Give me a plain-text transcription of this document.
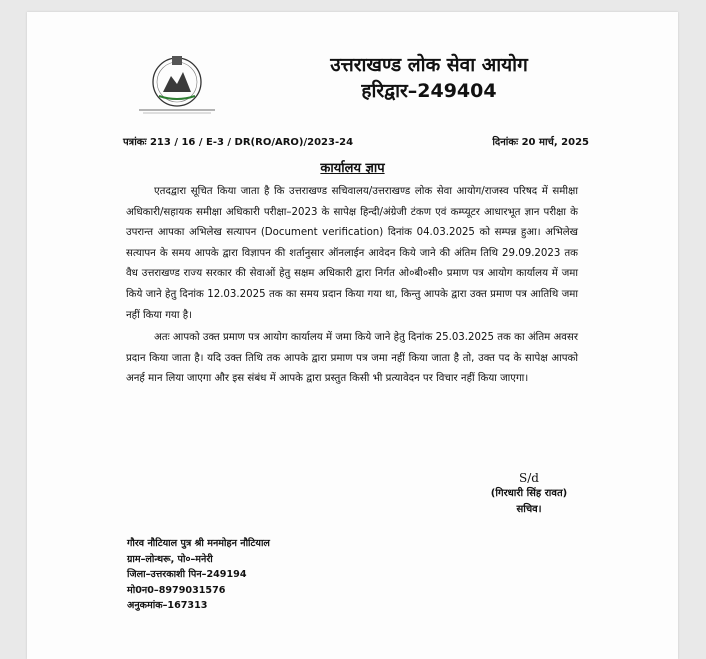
उत्तराखण्ड लोक सेवा आयोग
हरिद्वार–249404
पत्रांकः 213 / 16 / E-3 / DR(RO/ARO)/2023-24	दिनांकः 20 मार्च, 2025
कार्यालय ज्ञाप

एतदद्वारा सूचित किया जाता है कि उत्तराखण्ड सचिवालय/उत्तराखण्ड लोक सेवा आयोग/राजस्व परिषद में समीक्षा अधिकारी/सहायक समीक्षा अधिकारी परीक्षा–2023 के सापेक्ष हिन्दी/अंग्रेजी टंकण एवं कम्प्यूटर आधारभूत ज्ञान परीक्षा के उपरान्त आपका अभिलेख सत्यापन (Document verification) दिनांक 04.03.2025 को सम्पन्न हुआ। अभिलेख सत्यापन के समय आपके द्वारा विज्ञापन की शर्तानुसार ऑनलाईन आवेदन किये जाने की अंतिम तिथि 29.09.2023 तक वैध उत्तराखण्ड राज्य सरकार की सेवाओं हेतु सक्षम अधिकारी द्वारा निर्गत ओ०बी०सी० प्रमाण पत्र आयोग कार्यालय में जमा किये जाने हेतु दिनांक 12.03.2025 तक का समय प्रदान किया गया था, किन्तु आपके द्वारा उक्त प्रमाण पत्र आतिथि जमा नहीं किया गया है।

अतः आपको उक्त प्रमाण पत्र आयोग कार्यालय में जमा किये जाने हेतु दिनांक 25.03.2025 तक का अंतिम अवसर प्रदान किया जाता है। यदि उक्त तिथि तक आपके द्वारा प्रमाण पत्र जमा नहीं किया जाता है तो, उक्त पद के सापेक्ष आपको अनर्ह मान लिया जाएगा और इस संबंध में आपके द्वारा प्रस्तुत किसी भी प्रत्यावेदन पर विचार नहीं किया जाएगा।

S/d
(गिरधारी सिंह रावत)
सचिव।
गौरव नौटियाल पुत्र श्री मनमोहन नौटियाल
ग्राम–लोन्थरू, पो०–मनेरी
जिला–उत्तरकाशी पिन–249194
मो0न0–8979031576
अनुकमांक–167313
